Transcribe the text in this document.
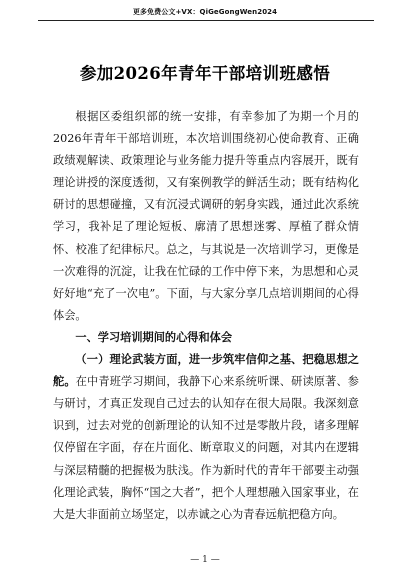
更多免费公文+VX：QiGeGongWen2024
参加2026年青年干部培训班感悟

根据区委组织部的统一安排，有幸参加了为期一个月的2026年青年干部培训班，本次培训围绕初心使命教育、正确政绩观解读、政策理论与业务能力提升等重点内容展开，既有理论讲授的深度透彻，又有案例教学的鲜活生动；既有结构化研讨的思想碰撞，又有沉浸式调研的躬身实践，通过此次系统学习，我补足了理论短板、廓清了思想迷雾、厚植了群众情怀、校准了纪律标尺。总之，与其说是一次培训学习，更像是一次难得的沉淀，让我在忙碌的工作中停下来，为思想和心灵好好地“充了一次电”。下面，与大家分享几点培训期间的心得体会。

一、学习培训期间的心得和体会

（一）理论武装方面，进一步筑牢信仰之基、把稳思想之舵。在中青班学习期间，我静下心来系统听课、研读原著、参与研讨，才真正发现自己过去的认知存在很大局限。我深刻意识到，过去对党的创新理论的认知不过是零散片段，诸多理解仅停留在字面，存在片面化、断章取义的问题，对其内在逻辑与深层精髓的把握极为肤浅。作为新时代的青年干部要主动强化理论武装，胸怀“国之大者”，把个人理想融入国家事业，在大是大非面前立场坚定，以赤诚之心为青春远航把稳方向。

— 1 —
